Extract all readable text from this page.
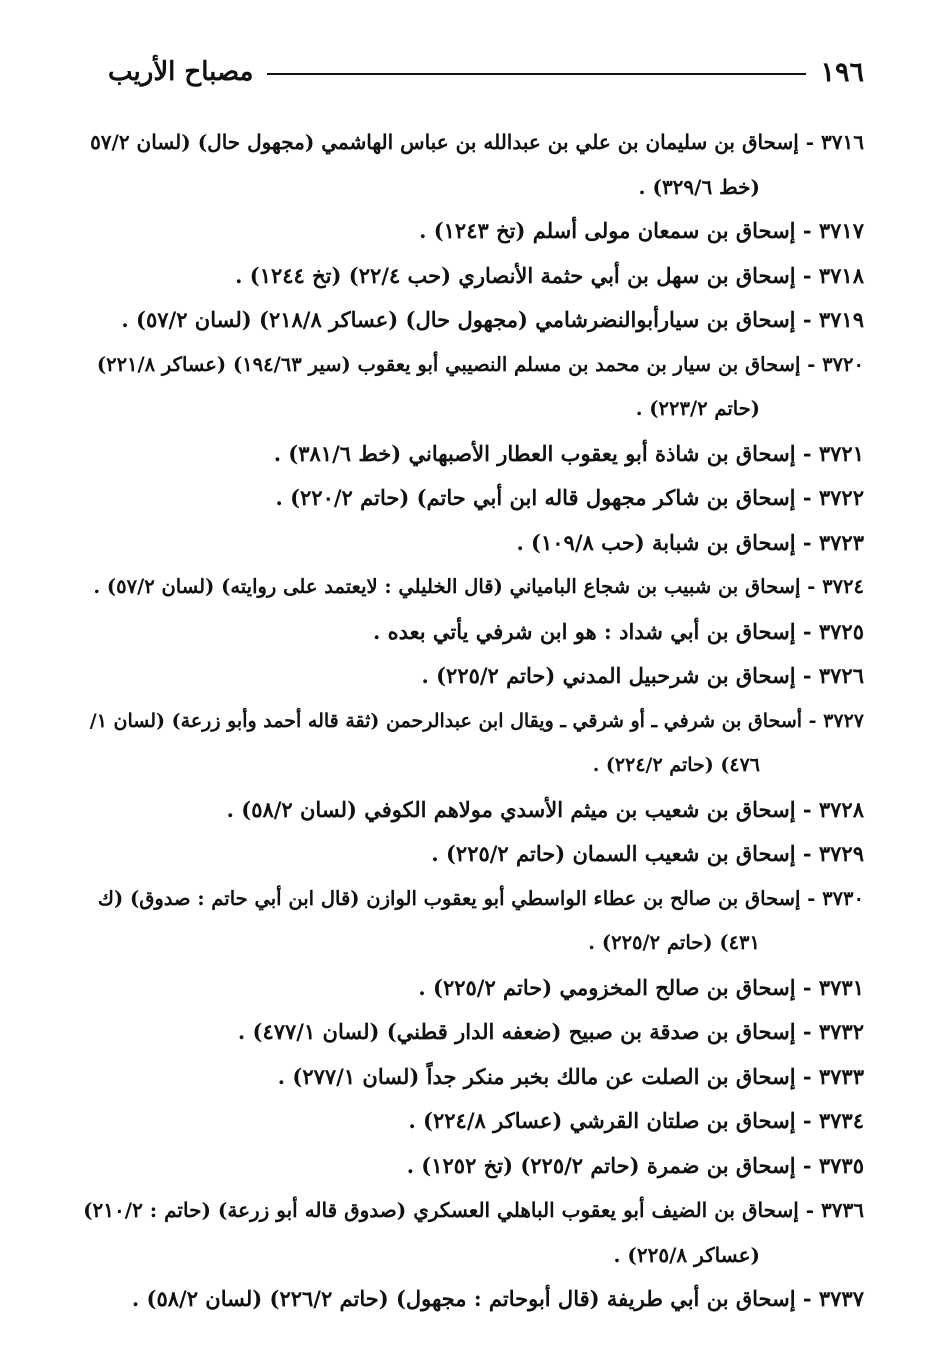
١٩٦
مصباح الأريب
٣٧١٦ - إسحاق بن سليمان بن علي بن عبدالله بن عباس الهاشمي (مجهول حال) (لسان ٥٧/٢
(خط ٣٢٩/٦) .
٣٧١٧ - إسحاق بن سمعان مولى أسلم (تخ ١٢٤٣) .
٣٧١٨ - إسحاق بن سهل بن أبي حثمة الأنصاري (حب ٢٢/٤) (تخ ١٢٤٤) .
٣٧١٩ - إسحاق بن سيارأبوالنضرشامي (مجهول حال) (عساكر ٢١٨/٨) (لسان ٥٧/٢) .
٣٧٢٠ - إسحاق بن سيار بن محمد بن مسلم النصيبي أبو يعقوب (سير ١٩٤/٦٣) (عساكر ٢٢١/٨)
(حاتم ٢٢٣/٢) .
٣٧٢١ - إسحاق بن شاذة أبو يعقوب العطار الأصبهاني (خط ٣٨١/٦) .
٣٧٢٢ - إسحاق بن شاكر مجهول قاله ابن أبي حاتم) (حاتم ٢٢٠/٢) .
٣٧٢٣ - إسحاق بن شبابة (حب ١٠٩/٨) .
٣٧٢٤ - إسحاق بن شبيب بن شجاع البامياني (قال الخليلي : لايعتمد على روايته) (لسان ٥٧/٢) .
٣٧٢٥ - إسحاق بن أبي شداد : هو ابن شرفي يأتي بعده .
٣٧٢٦ - إسحاق بن شرحبيل المدني (حاتم ٢٢٥/٢) .
٣٧٢٧ - أسحاق بن شرفي ـ أو شرقي ـ ويقال ابن عبدالرحمن (ثقة قاله أحمد وأبو زرعة) (لسان ١/
٤٧٦) (حاتم ٢٢٤/٢) .
٣٧٢٨ - إسحاق بن شعيب بن ميثم الأسدي مولاهم الكوفي (لسان ٥٨/٢) .
٣٧٢٩ - إسحاق بن شعيب السمان (حاتم ٢٢٥/٢) .
٣٧٣٠ - إسحاق بن صالح بن عطاء الواسطي أبو يعقوب الوازن (قال ابن أبي حاتم : صدوق) (ك
٤٣١) (حاتم ٢٢٥/٢) .
٣٧٣١ - إسحاق بن صالح المخزومي (حاتم ٢٢٥/٢) .
٣٧٣٢ - إسحاق بن صدقة بن صبيح (ضعفه الدار قطني) (لسان ٤٧٧/١) .
٣٧٣٣ - إسحاق بن الصلت عن مالك بخبر منكر جداً (لسان ٢٧٧/١) .
٣٧٣٤ - إسحاق بن صلتان القرشي (عساكر ٢٢٤/٨) .
٣٧٣٥ - إسحاق بن ضمرة (حاتم ٢٢٥/٢) (تخ ١٢٥٢) .
٣٧٣٦ - إسحاق بن الضيف أبو يعقوب الباهلي العسكري (صدوق قاله أبو زرعة) (حاتم : ٢١٠/٢)
(عساكر ٢٢٥/٨) .
٣٧٣٧ - إسحاق بن أبي طريفة (قال أبوحاتم : مجهول) (حاتم ٢٢٦/٢) (لسان ٥٨/٢) .
